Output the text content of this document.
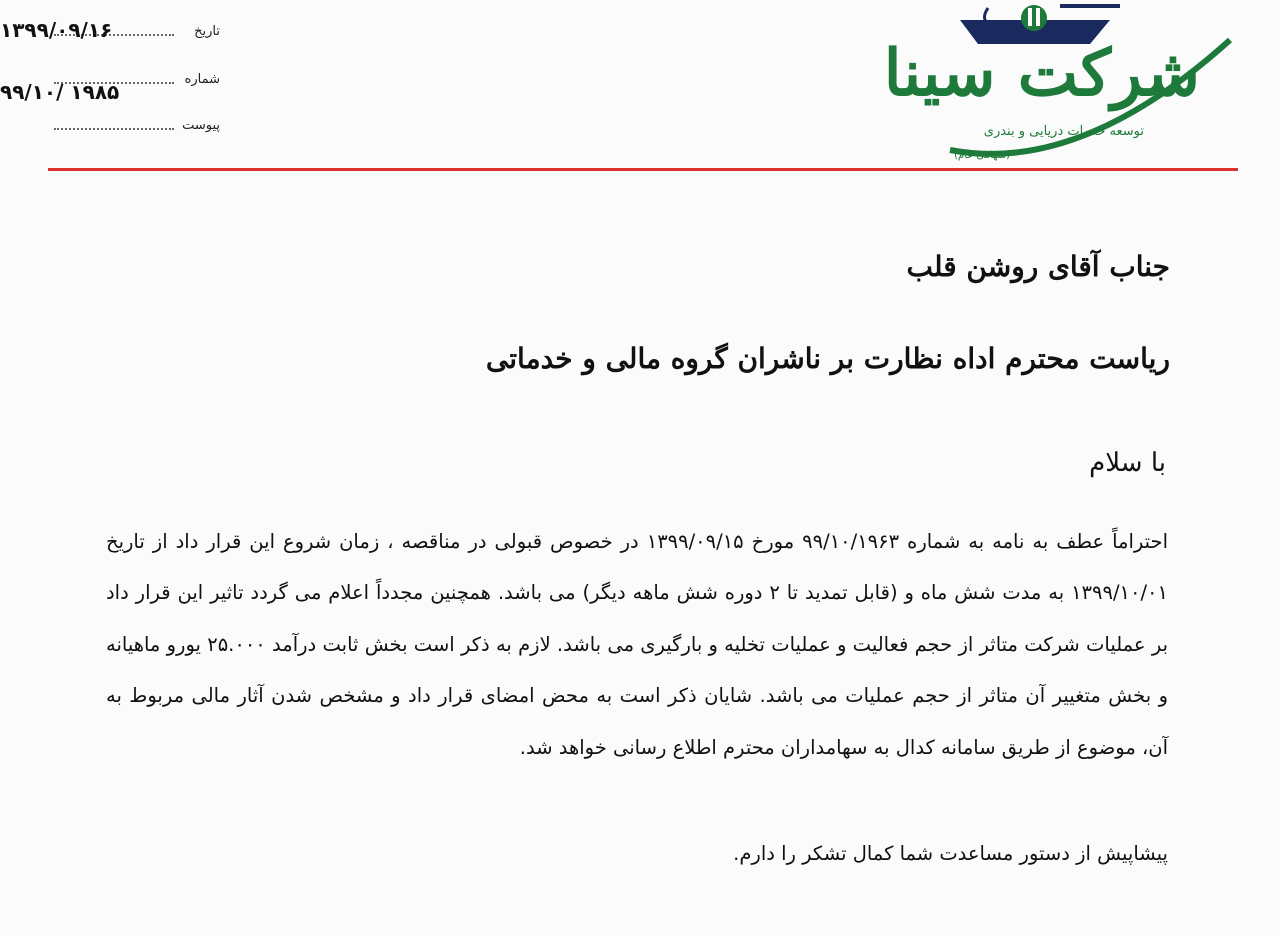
تاریخ
۱۳۹۹/۰۹/۱۶
شماره
۹۹/۱۰/ ۱۹۸۵
پیوست
شرکت سینا
توسعه خدمات دریایی و بندری
(سهامی عام)
جناب آقای روشن قلب
ریاست محترم اداه نظارت بر ناشران گروه مالی و خدماتی
با سلام
احتراماً عطف به نامه به شماره ۹۹/۱۰/۱۹۶۳ مورخ ۱۳۹۹/۰۹/۱۵ در خصوص قبولی در مناقصه ، زمان شروع این قرار داد از تاریخ ۱۳۹۹/۱۰/۰۱ به مدت شش ماه و (قابل تمدید تا ۲ دوره شش ماهه دیگر) می باشد. همچنین مجدداً اعلام می گردد تاثیر این قرار داد بر عملیات شرکت متاثر از حجم فعالیت و عملیات تخلیه و بارگیری می باشد. لازم به ذکر است بخش ثابت درآمد ۲۵.۰۰۰ یورو ماهیانه و بخش متغییر آن متاثر از حجم عملیات می باشد. شایان ذکر است به محض امضای قرار داد و مشخص شدن آثار مالی مربوط به آن، موضوع از طریق سامانه کدال به سهامداران محترم اطلاع رسانی خواهد شد.
پیشاپیش از دستور مساعدت شما کمال تشکر را دارم.
